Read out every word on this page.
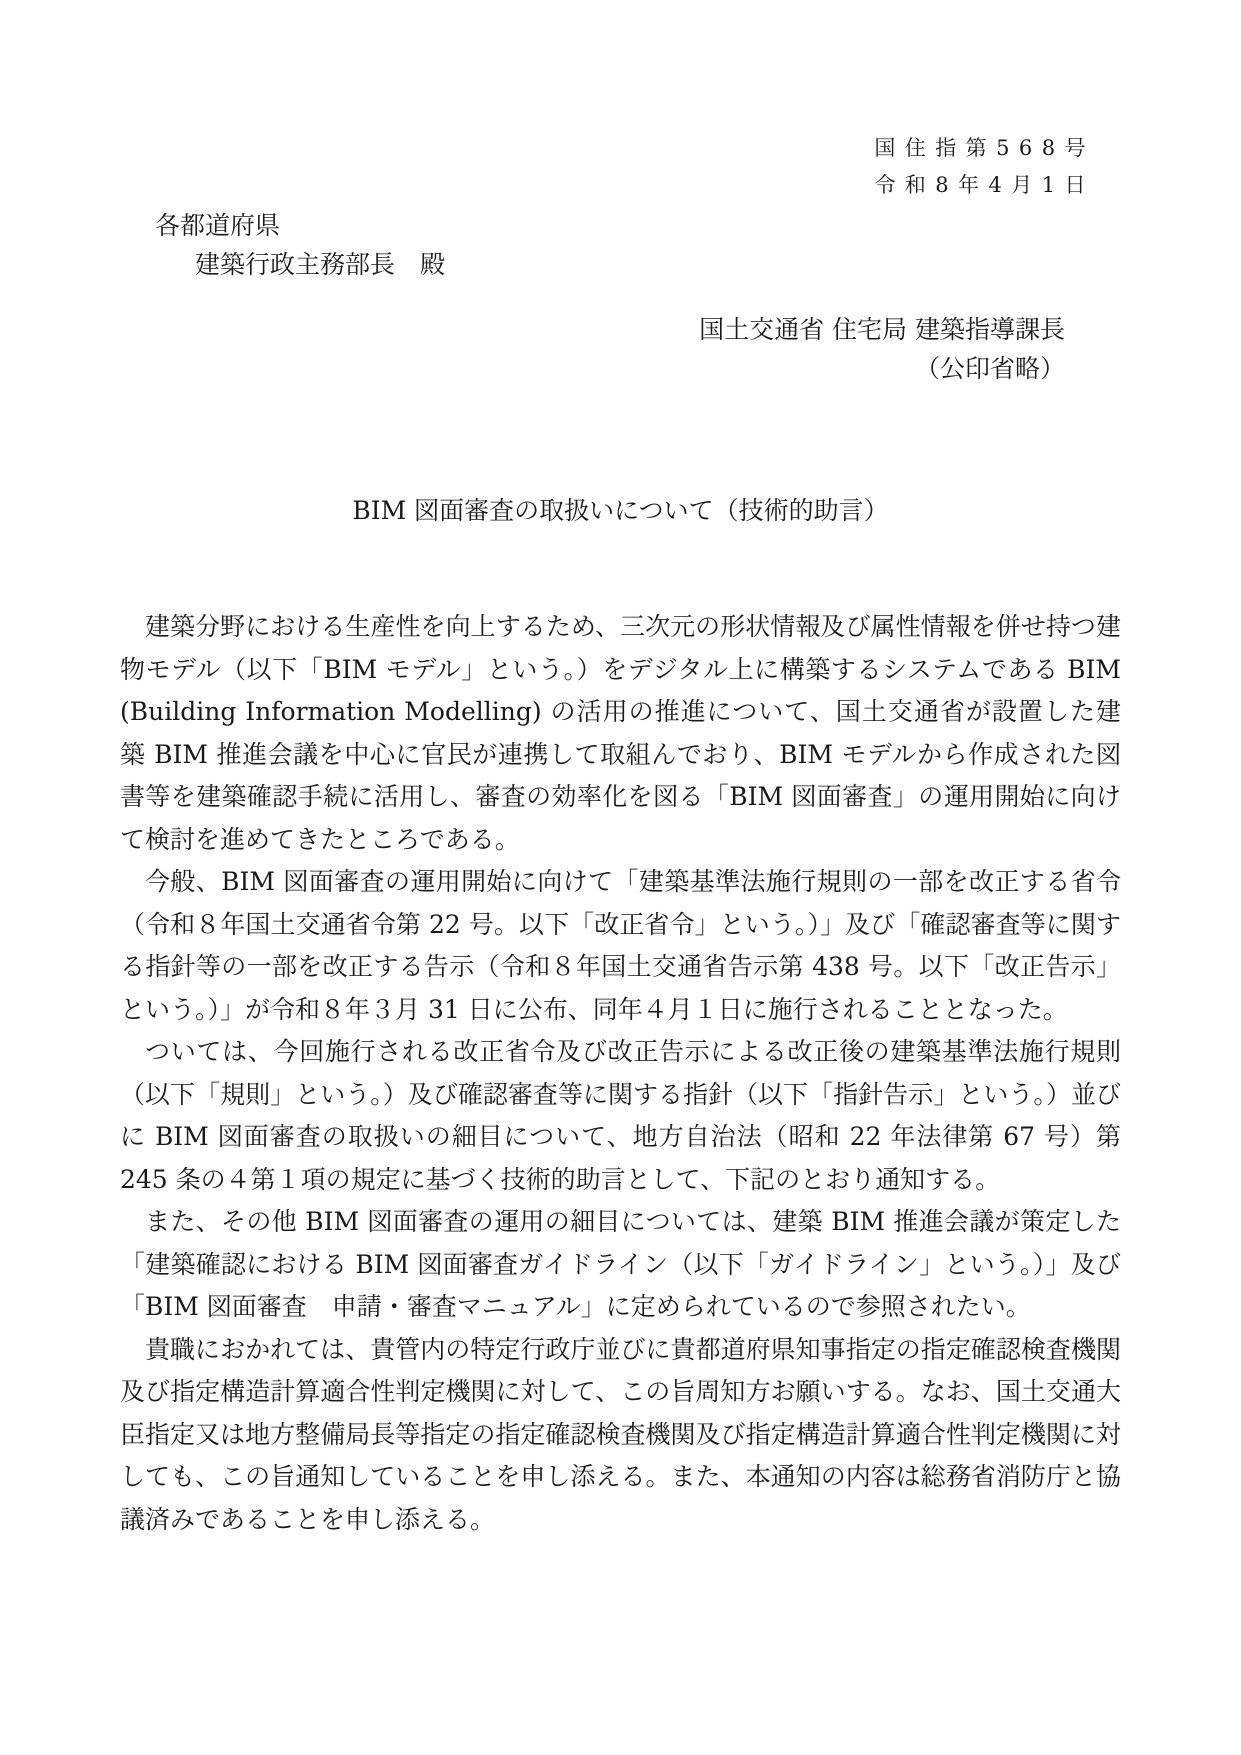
国住指第568号
令和8年4月1日
各都道府県
建築行政主務部長　殿
国土交通省 住宅局 建築指導課長
（公印省略）
BIM 図面審査の取扱いについて（技術的助言）

建築分野における生産性を向上するため、三次元の形状情報及び属性情報を併せ持つ建物モデル（以下「BIM モデル」という。）をデジタル上に構築するシステムである BIM (Building Information Modelling) の活用の推進について、国土交通省が設置した建築 BIM 推進会議を中心に官民が連携して取組んでおり、BIM モデルから作成された図書等を建築確認手続に活用し、審査の効率化を図る「BIM 図面審査」の運用開始に向けて検討を進めてきたところである。

今般、BIM 図面審査の運用開始に向けて「建築基準法施行規則の一部を改正する省令（令和８年国土交通省令第 22 号。以下「改正省令」という。）」及び「確認審査等に関する指針等の一部を改正する告示（令和８年国土交通省告示第 438 号。以下「改正告示」という。）」が令和８年３月 31 日に公布、同年４月１日に施行されることとなった。

ついては、今回施行される改正省令及び改正告示による改正後の建築基準法施行規則（以下「規則」という。）及び確認審査等に関する指針（以下「指針告示」という。）並びに BIM 図面審査の取扱いの細目について、地方自治法（昭和 22 年法律第 67 号）第 245 条の４第１項の規定に基づく技術的助言として、下記のとおり通知する。

また、その他 BIM 図面審査の運用の細目については、建築 BIM 推進会議が策定した「建築確認における BIM 図面審査ガイドライン（以下「ガイドライン」という。）」及び「BIM 図面審査　申請・審査マニュアル」に定められているので参照されたい。

貴職におかれては、貴管内の特定行政庁並びに貴都道府県知事指定の指定確認検査機関及び指定構造計算適合性判定機関に対して、この旨周知方お願いする。なお、国土交通大臣指定又は地方整備局長等指定の指定確認検査機関及び指定構造計算適合性判定機関に対しても、この旨通知していることを申し添える。また、本通知の内容は総務省消防庁と協議済みであることを申し添える。
